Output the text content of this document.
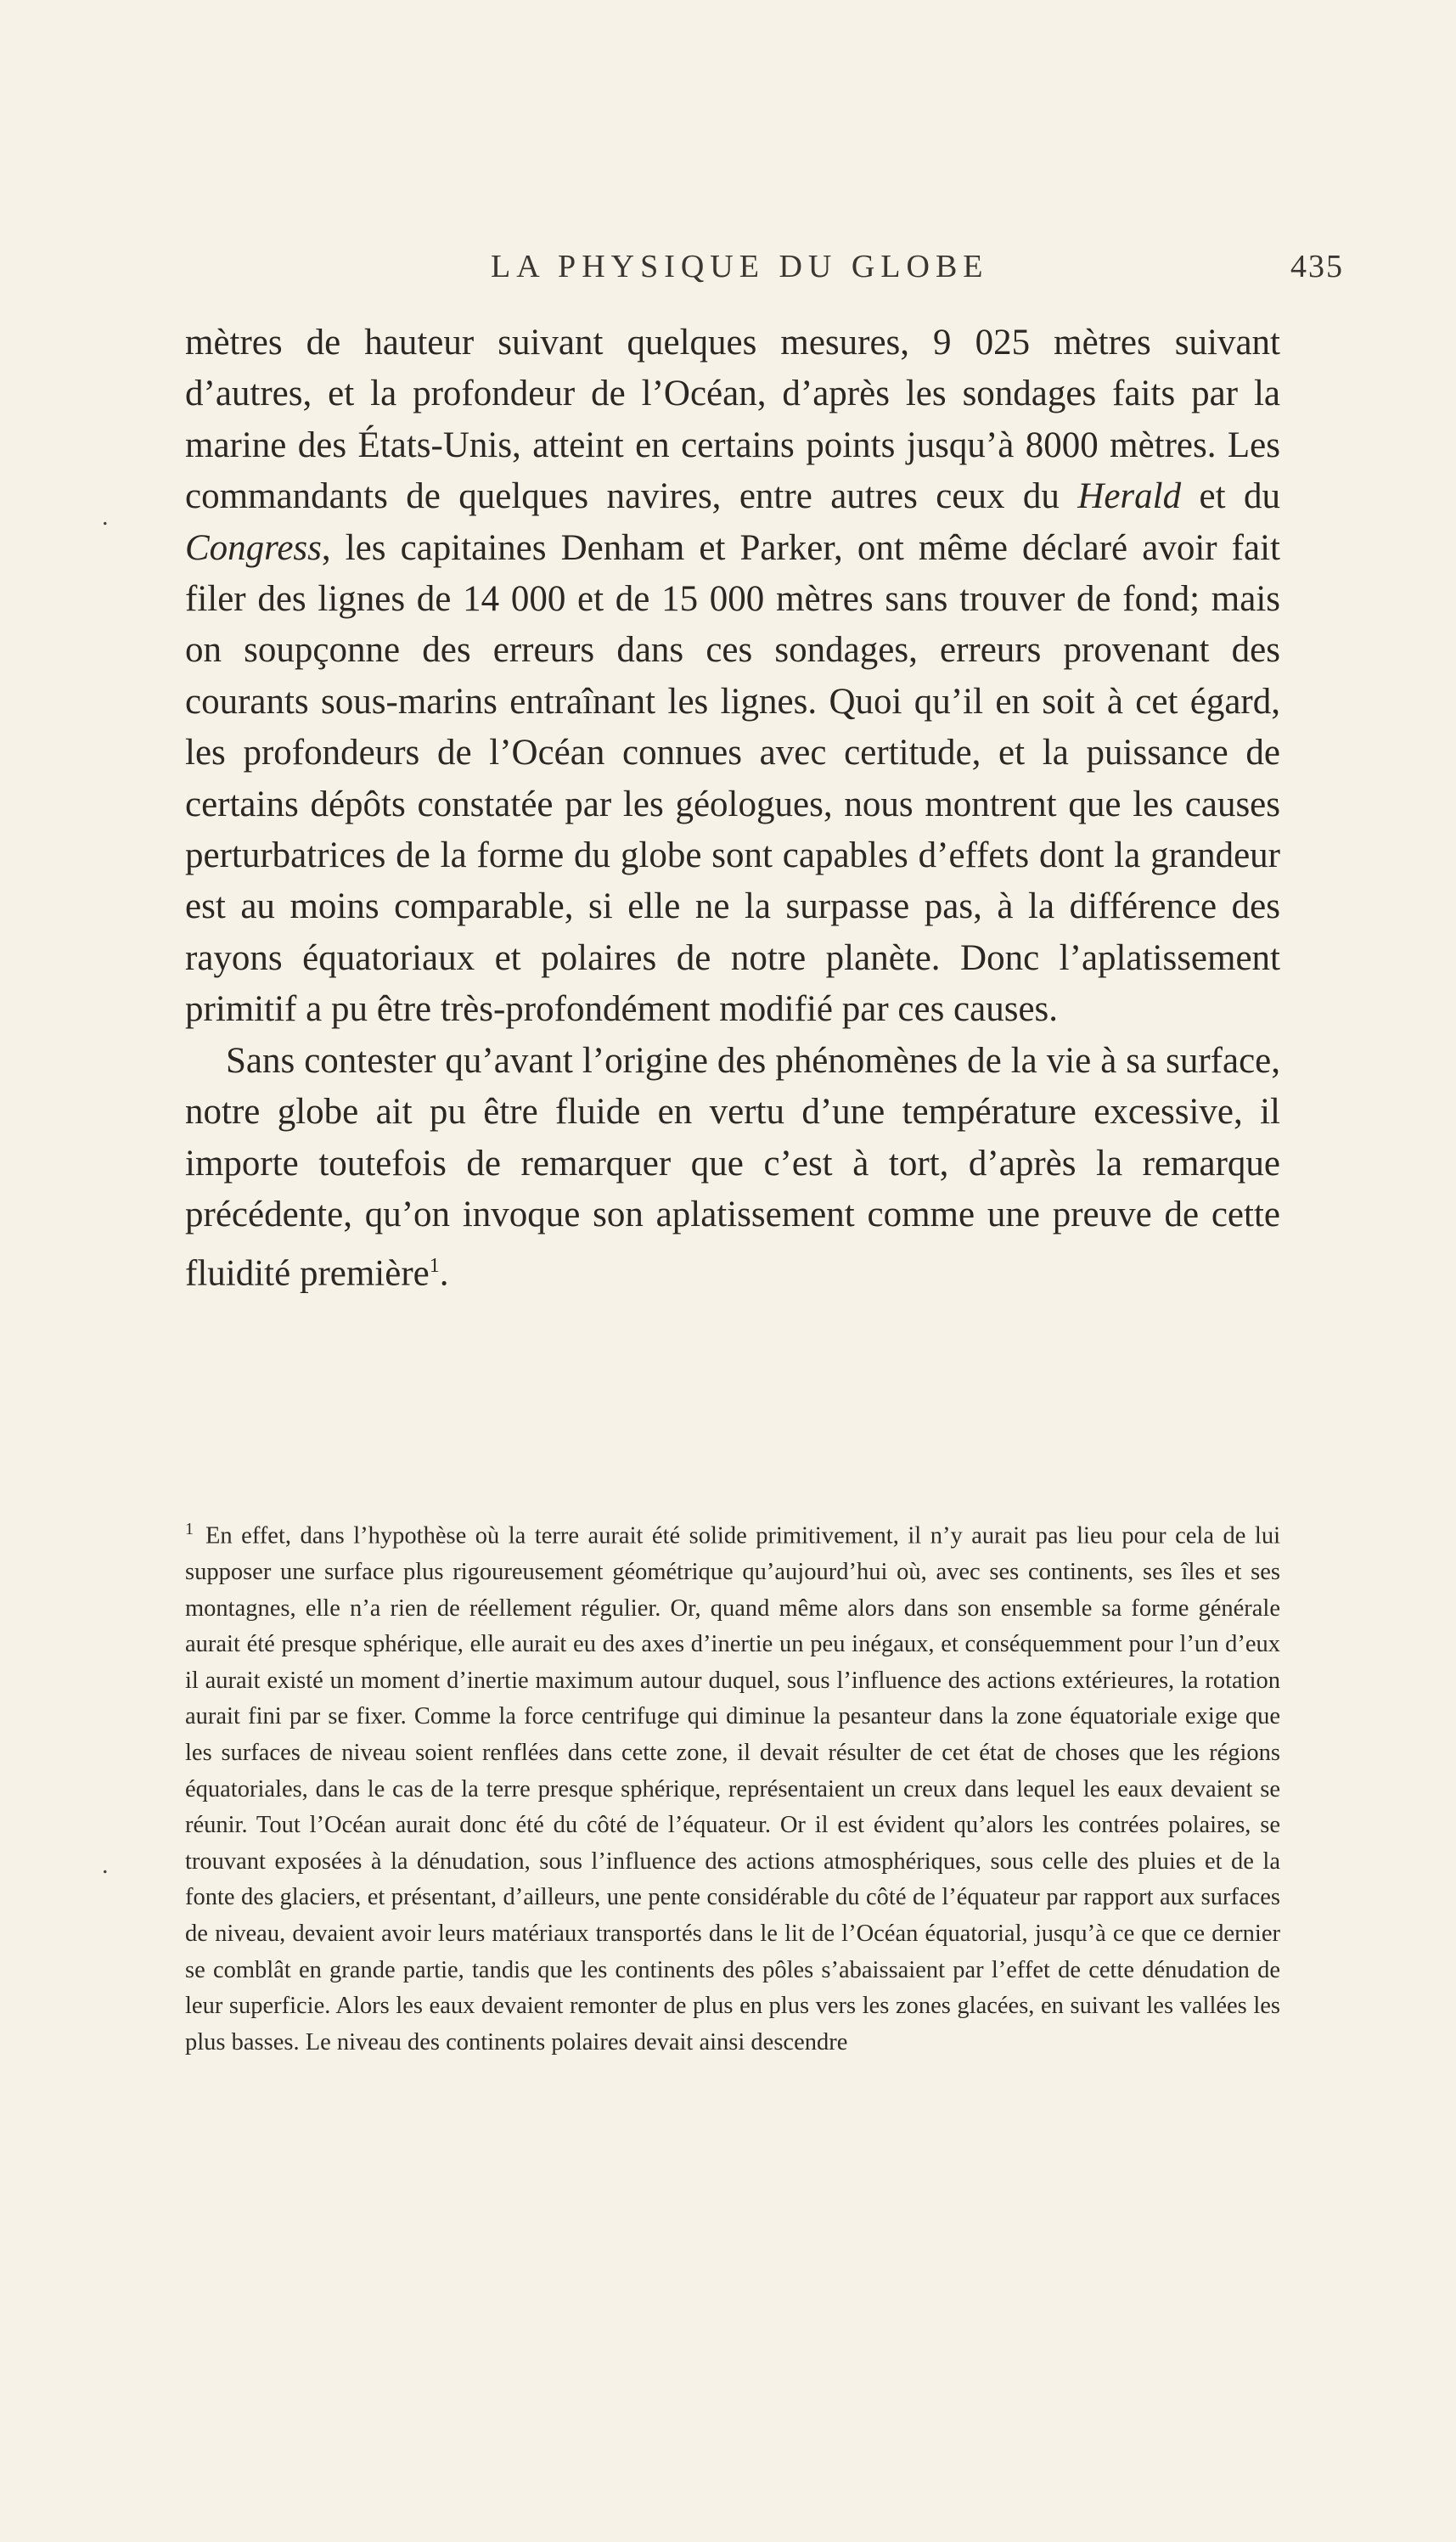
LA PHYSIQUE DU GLOBE	435
.
.

mètres de hauteur suivant quelques mesures, 9 025 mètres suivant d’autres, et la profondeur de l’Océan, d’après les sondages faits par la marine des États-Unis, atteint en certains points jusqu’à 8000 mètres. Les commandants de quelques navires, entre autres ceux du Herald et du Congress, les capitaines Denham et Parker, ont même déclaré avoir fait filer des lignes de 14 000 et de 15 000 mètres sans trouver de fond; mais on soupçonne des erreurs dans ces sondages, erreurs provenant des courants sous-marins entraînant les lignes. Quoi qu’il en soit à cet égard, les profondeurs de l’Océan connues avec certitude, et la puissance de certains dépôts constatée par les géologues, nous montrent que les causes perturbatrices de la forme du globe sont capables d’effets dont la grandeur est au moins comparable, si elle ne la surpasse pas, à la différence des rayons équatoriaux et polaires de notre planète. Donc l’aplatissement primitif a pu être très-profondément modifié par ces causes.

Sans contester qu’avant l’origine des phénomènes de la vie à sa surface, notre globe ait pu être fluide en vertu d’une température excessive, il importe toutefois de remarquer que c’est à tort, d’après la remarque précédente, qu’on invoque son aplatissement comme une preuve de cette fluidité première$^1$.

$^1$ En effet, dans l’hypothèse où la terre aurait été solide primitivement, il n’y aurait pas lieu pour cela de lui supposer une surface plus rigoureusement géométrique qu’aujourd’hui où, avec ses continents, ses îles et ses montagnes, elle n’a rien de réellement régulier. Or, quand même alors dans son ensemble sa forme générale aurait été presque sphérique, elle aurait eu des axes d’inertie un peu inégaux, et conséquemment pour l’un d’eux il aurait existé un moment d’inertie maximum autour duquel, sous l’influence des actions extérieures, la rotation aurait fini par se fixer. Comme la force centrifuge qui diminue la pesanteur dans la zone équatoriale exige que les surfaces de niveau soient renflées dans cette zone, il devait résulter de cet état de choses que les régions équatoriales, dans le cas de la terre presque sphérique, représentaient un creux dans lequel les eaux devaient se réunir. Tout l’Océan aurait donc été du côté de l’équateur. Or il est évident qu’alors les contrées polaires, se trouvant exposées à la dénudation, sous l’influence des actions atmosphériques, sous celle des pluies et de la fonte des glaciers, et présentant, d’ailleurs, une pente considérable du côté de l’équateur par rapport aux surfaces de niveau, devaient avoir leurs matériaux transportés dans le lit de l’Océan équatorial, jusqu’à ce que ce dernier se comblât en grande partie, tandis que les continents des pôles s’abaissaient par l’effet de cette dénudation de leur superficie. Alors les eaux devaient remonter de plus en plus vers les zones glacées, en suivant les vallées les plus basses. Le niveau des continents polaires devait ainsi descendre
